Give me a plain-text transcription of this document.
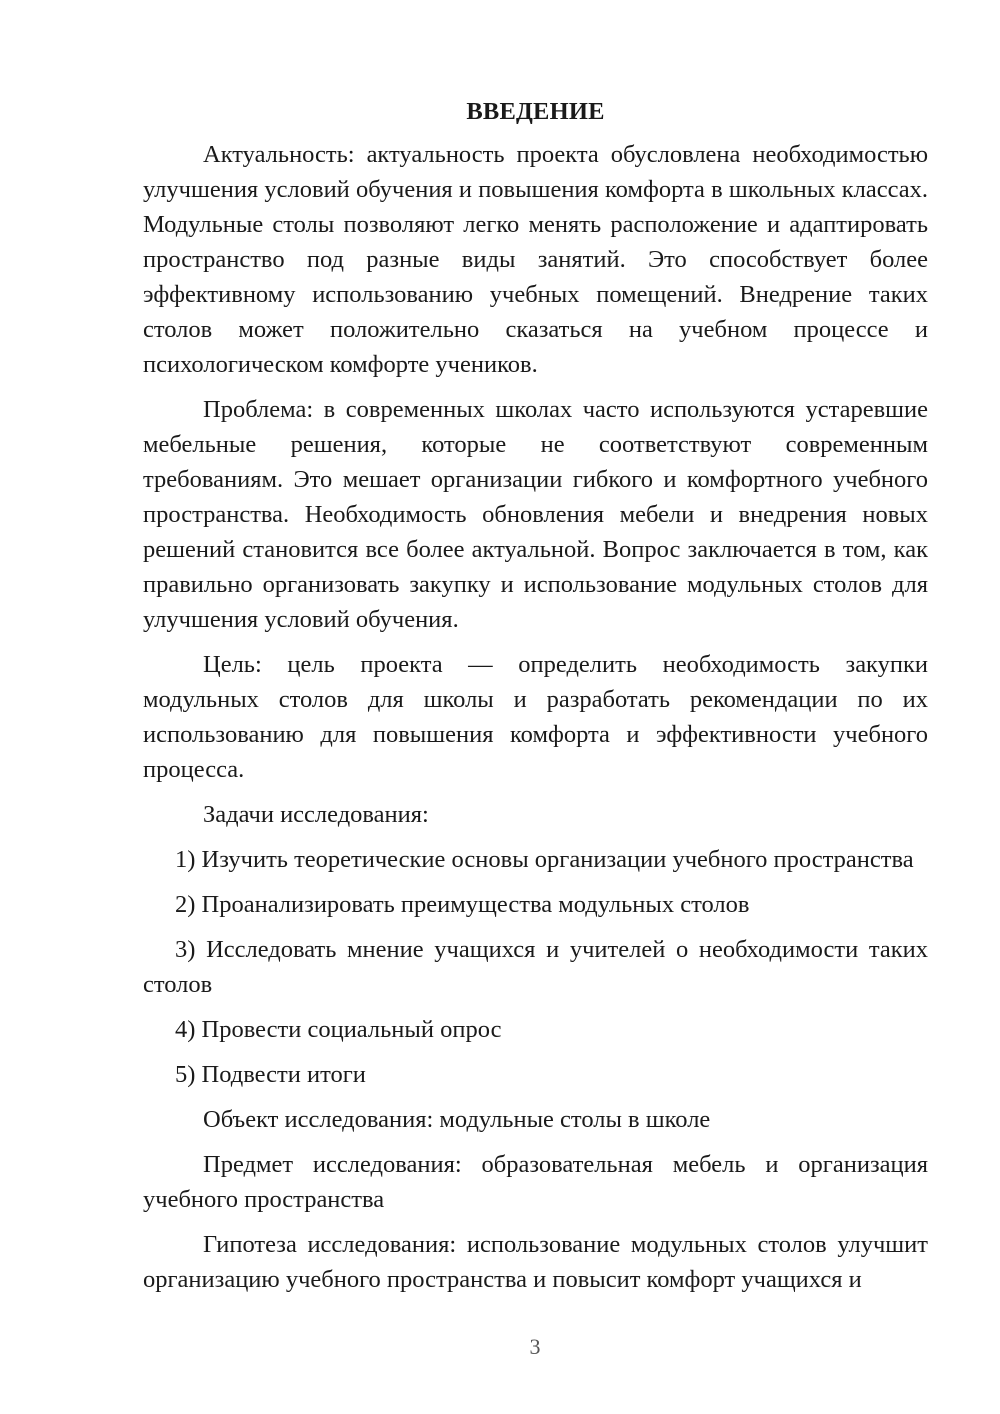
ВВЕДЕНИЕ

Актуальность: актуальность проекта обусловлена необходимостью улучшения условий обучения и повышения комфорта в школьных классах. Модульные столы позволяют легко менять расположение и адаптировать пространство под разные виды занятий. Это способствует более эффективному использованию учебных помещений. Внедрение таких столов может положительно сказаться на учебном процессе и психологическом комфорте учеников.

Проблема: в современных школах часто используются устаревшие мебельные решения, которые не соответствуют современным требованиям. Это мешает организации гибкого и комфортного учебного пространства. Необходимость обновления мебели и внедрения новых решений становится все более актуальной. Вопрос заключается в том, как правильно организовать закупку и использование модульных столов для улучшения условий обучения.

Цель: цель проекта — определить необходимость закупки модульных столов для школы и разработать рекомендации по их использованию для повышения комфорта и эффективности учебного процесса.

Задачи исследования:

1) Изучить теоретические основы организации учебного пространства

2) Проанализировать преимущества модульных столов

3) Исследовать мнение учащихся и учителей о необходимости таких столов

4) Провести социальный опрос

5) Подвести итоги

Объект исследования: модульные столы в школе

Предмет исследования: образовательная мебель и организация учебного пространства

Гипотеза исследования: использование модульных столов улучшит организацию учебного пространства и повысит комфорт учащихся и

3
